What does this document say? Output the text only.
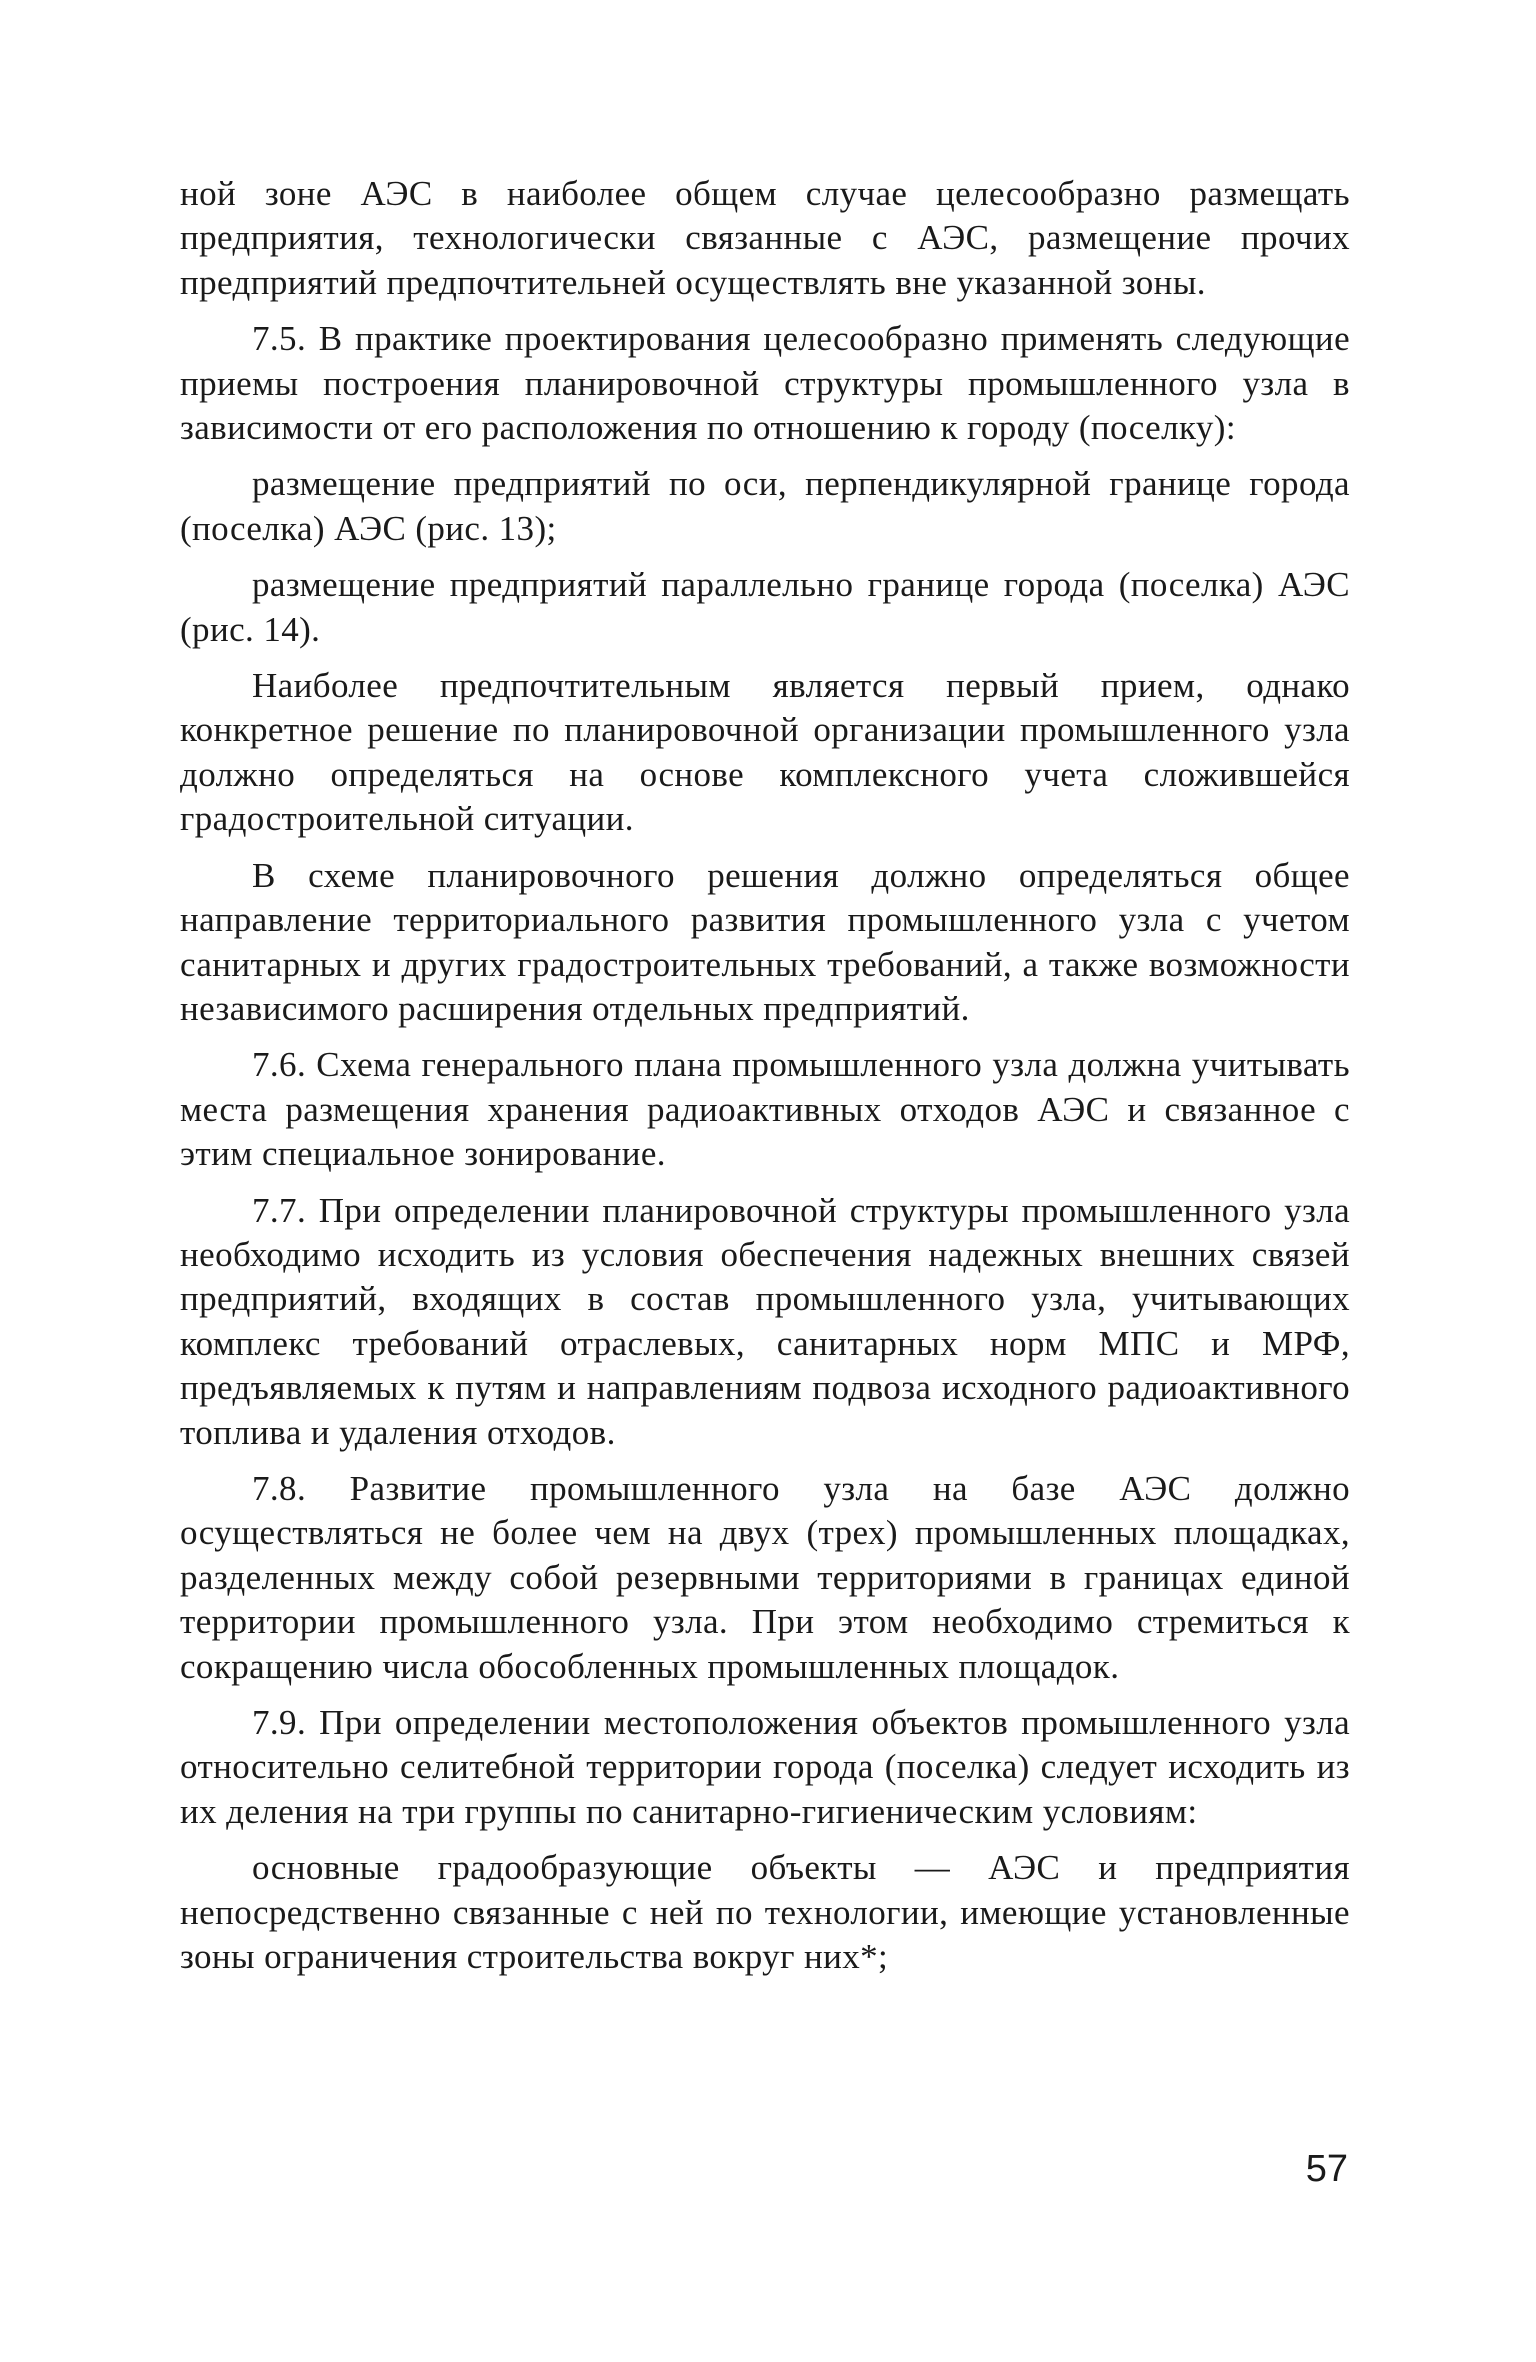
ной зоне АЭС в наиболее общем случае целесообразно размещать предприятия, технологически связанные с АЭС, размещение прочих предприятий предпочтительней осуществлять вне указанной зоны.

7.5. В практике проектирования целесообразно применять следующие приемы построения планировочной структуры промышленного узла в зависимости от его расположения по отношению к городу (поселку):

размещение предприятий по оси, перпендикулярной границе города (поселка) АЭС (рис. 13);

размещение предприятий параллельно границе города (поселка) АЭС (рис. 14).

Наиболее предпочтительным является первый прием, однако конкретное решение по планировочной организации промышленного узла должно определяться на основе комплексного учета сложившейся градостроительной ситуации.

В схеме планировочного решения должно определяться общее направление территориального развития промышленного узла с учетом санитарных и других градостроительных требований, а также возможности независимого расширения отдельных предприятий.

7.6. Схема генерального плана промышленного узла должна учитывать места размещения хранения радиоактивных отходов АЭС и связанное с этим специальное зонирование.

7.7. При определении планировочной структуры промышленного узла необходимо исходить из условия обеспечения надежных внешних связей предприятий, входящих в состав промышленного узла, учитывающих комплекс требований отраслевых, санитарных норм МПС и МРФ, предъявляемых к путям и направлениям подвоза исходного радиоактивного топлива и удаления отходов.

7.8. Развитие промышленного узла на базе АЭС должно осуществляться не более чем на двух (трех) промышленных площадках, разделенных между собой резервными территориями в границах единой территории промышленного узла. При этом необходимо стремиться к сокращению числа обособленных промышленных площадок.

7.9. При определении местоположения объектов промышленного узла относительно селитебной территории города (поселка) следует исходить из их деления на три группы по санитарно-гигиеническим условиям:

основные градообразующие объекты — АЭС и предприятия непосредственно связанные с ней по технологии, имеющие установленные зоны ограничения строительства вокруг них*;

57
